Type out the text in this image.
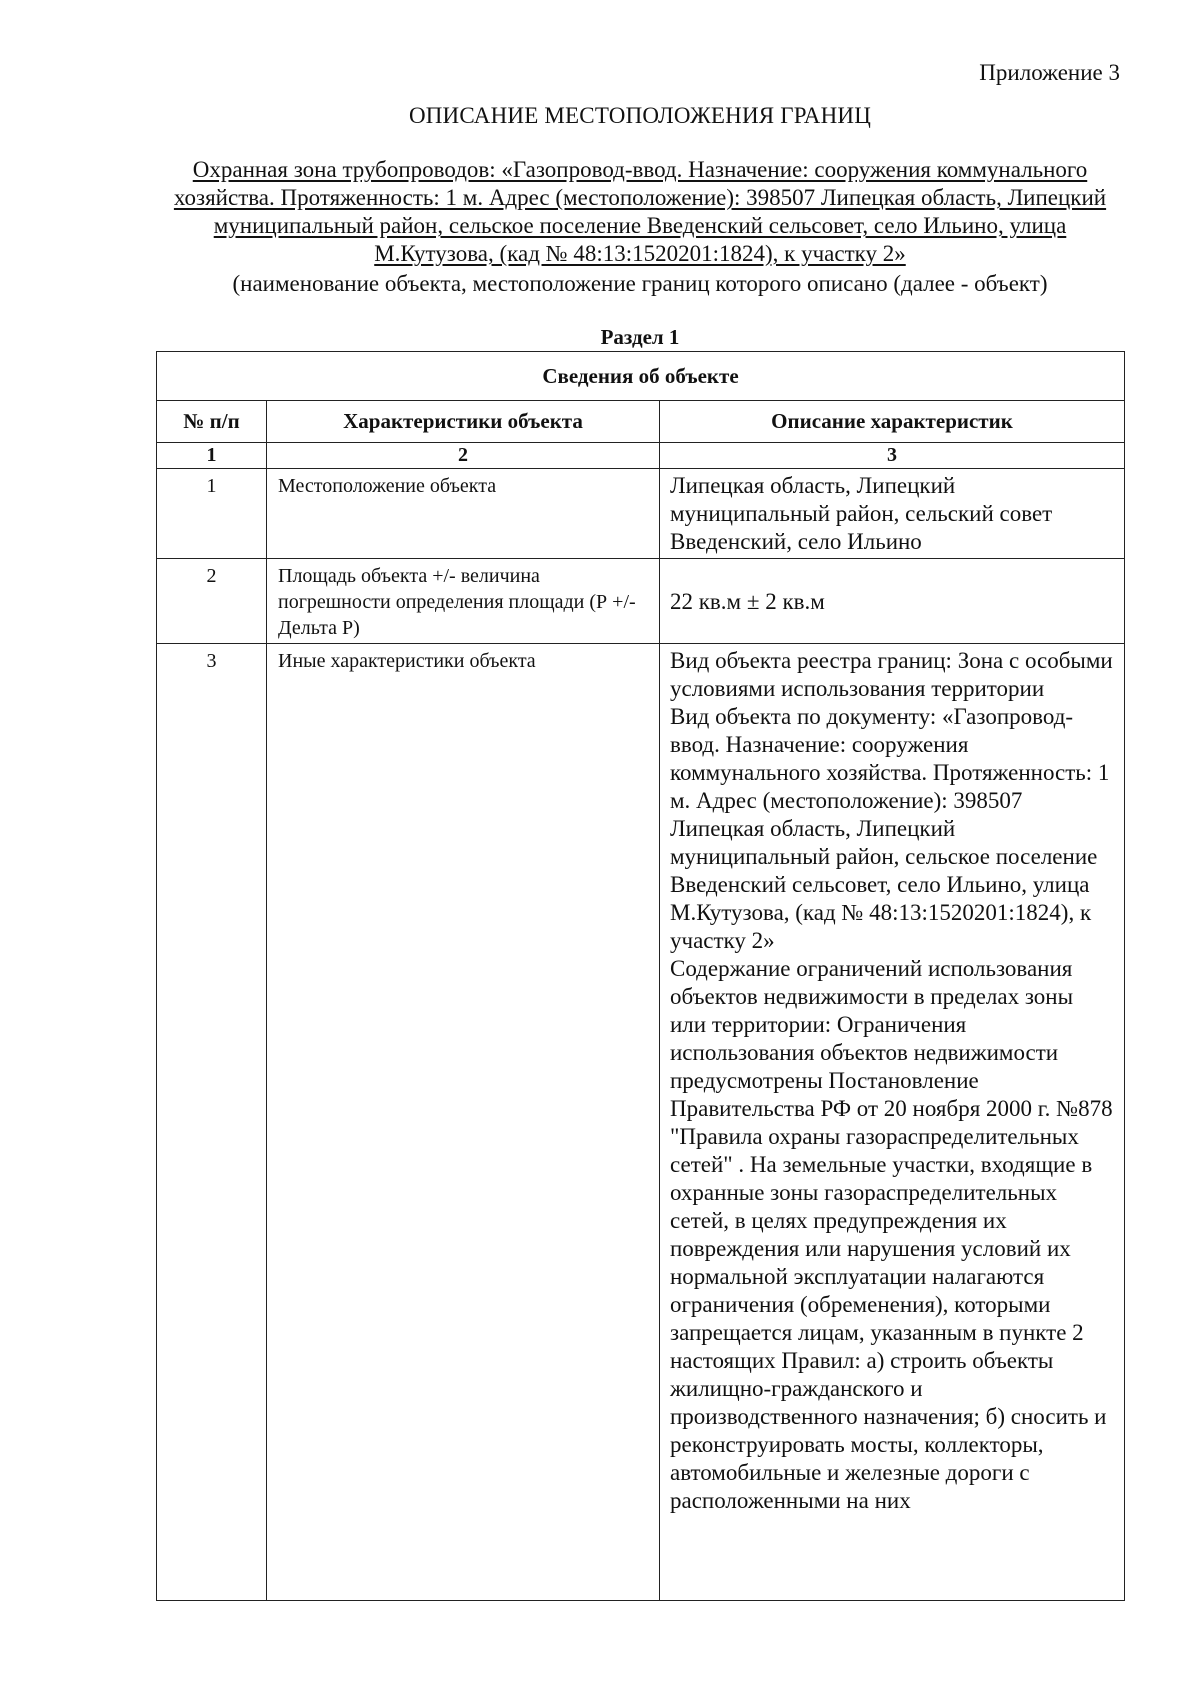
Приложение 3
ОПИСАНИЕ МЕСТОПОЛОЖЕНИЯ ГРАНИЦ
Охранная зона трубопроводов: «Газопровод-ввод. Назначение: сооружения коммунального
хозяйства. Протяженность: 1 м. Адрес (местоположение): 398507 Липецкая область, Липецкий
муниципальный район, сельское поселение Введенский сельсовет, село Ильино, улица
М.Кутузова, (кад № 48:13:1520201:1824), к участку 2»
(наименование объекта, местоположение границ которого описано (далее - объект)
Раздел 1
Сведения об объекте		
№ п/п	Характеристики объекта	Описание характеристик
1	2	3
1	Местоположение объекта	Липецкая область, Липецкий муниципальный район, сельский совет Введенский, село Ильино

2	Площадь объекта +/- величина погрешности определения площади (Р +/- Дельта Р)	22 кв.м ± 2 кв.м

3	Иные характеристики объекта	Вид объекта реестра границ: Зона с особыми условиями использования территории

Вид объекта по документу: «Газопровод-ввод. Назначение: сооружения коммунального хозяйства. Протяженность: 1 м. Адрес (местоположение): 398507 Липецкая область, Липецкий муниципальный район, сельское поселение Введенский сельсовет, село Ильино, улица М.Кутузова, (кад № 48:13:1520201:1824), к участку 2»

Содержание ограничений использования объектов недвижимости в пределах зоны или территории: Ограничения использования объектов недвижимости предусмотрены Постановление Правительства РФ от 20 ноября 2000 г. №878 "Правила охраны газораспределительных сетей" . На земельные участки, входящие в охранные зоны газораспределительных сетей, в целях предупреждения их повреждения или нарушения условий их нормальной эксплуатации налагаются ограничения (обременения), которыми запрещается лицам, указанным в пункте 2 настоящих Правил: а) строить объекты жилищно-гражданского и производственного назначения; б) сносить и реконструировать мосты, коллекторы, автомобильные и железные дороги с расположенными на них
